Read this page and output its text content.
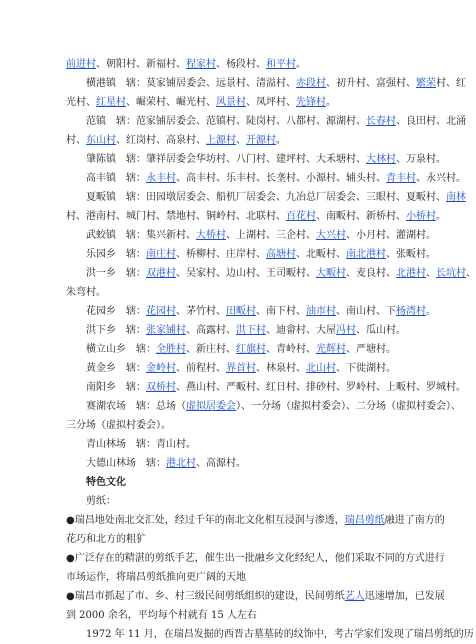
前进村、朝阳村、新福村、程家村、杨段村、和平村。
横港镇　辖：莫家铺居委会、远景村、清溢村、赤段村、初升村、富强村、繁荣村、红
光村、红星村、崛荣村、崛光村、风景村、凤坪村、先锋村。
范镇　辖：范家铺居委会、范镇村、陡岗村、八都村、源湖村、长春村、良田村、北涌
村、东山村、红岗村、高泉村、上源村、开源村。
肇陈镇　辖：肇祥居委会华坊村、八门村、建坪村、大禾塘村、大林村、万泉村。
高丰镇　辖：永丰村、高丰村、乐丰村、长垄村、小源村、辅头村、青丰村、永兴村。
夏畈镇　辖：田园墩居委会、船机厂居委会、九冶总厂居委会、三眼村、夏畈村、南林
村、港南村、城门村、禁地村、铜岭村、北联村、百花村、南畈村、新桥村、小桥村。
武蛟镇　辖：集兴新村、大桥村、上湖村、三企村、大兴村、小月村、灌湖村。
乐园乡　辖：南庄村、桥柳村、庄岸村、高塘村、北畈村、南北港村、张畈村。
洪一乡　辖：双港村、吴家村、边山村、王司畈村、大畈村、麦良村、北港村、长坑村、
朱弯村。
花园乡　辖：花园村、茅竹村、田畈村、南下村、油市村、南山村、下杨湾村。
洪下乡　辖：张家铺村、高露村、洪下村、迪畲村、大屋冯村、瓜山村。
横立山乡　辖：全胜村、新庄村、红旗村、青岭村、光辉村、严塘村。
黄金乡　辖：金岭村、前程村、界首村、林泉村、北山村、下徙湖村。
南阳乡　辖：双桥村、燕山村、严畈村、红日村、排砂村、罗岭村、上畈村、罗城村。
赛湖农场　辖：总场（虚拟居委会）、一分场（虚拟村委会）、二分场（虚拟村委会）、
三分场（虚拟村委会）。
青山林场　辖：青山村。
大德山林场　辖：港北村、高源村。
特色文化
剪纸：
●瑞昌地处南北交汇处，经过千年的南北文化相互浸润与渗透，瑞昌剪纸融进了南方的
花巧和北方的粗犷
●广泛存在的精湛的剪纸手艺，催生出一批融乡文化经纪人，他们采取不同的方式进行
市场运作，将瑞昌剪纸推向更广阔的天地
●瑞昌市抓起了市、乡、村三级民间剪纸组织的建设，民间剪纸艺人迅速增加，已发展
到 2000 余名，平均每个村就有 15 人左右
1972 年 11 月，在瑞昌发掘的西晋古墓墓砖的纹饰中，考古学家们发现了瑞昌剪纸的历
